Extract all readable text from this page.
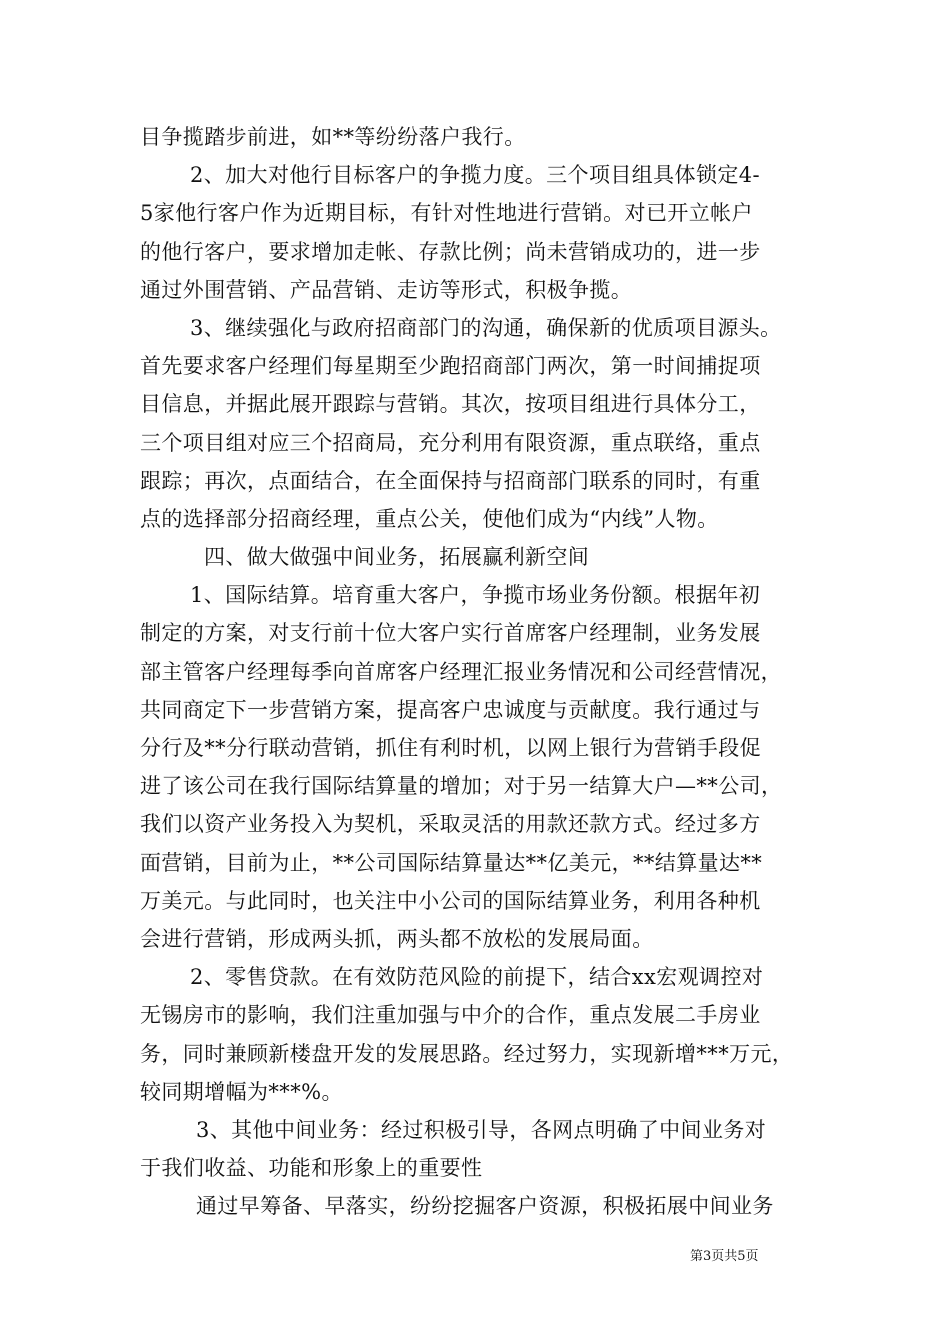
目争揽踏步前进，如**等纷纷落户我行。
2、加大对他行目标客户的争揽力度。三个项目组具体锁定4-
5家他行客户作为近期目标，有针对性地进行营销。对已开立帐户
的他行客户，要求增加走帐、存款比例；尚未营销成功的，进一步
通过外围营销、产品营销、走访等形式，积极争揽。
3、继续强化与政府招商部门的沟通，确保新的优质项目源头。
首先要求客户经理们每星期至少跑招商部门两次，第一时间捕捉项
目信息，并据此展开跟踪与营销。其次，按项目组进行具体分工，
三个项目组对应三个招商局，充分利用有限资源，重点联络，重点
跟踪；再次，点面结合，在全面保持与招商部门联系的同时，有重
点的选择部分招商经理，重点公关，使他们成为“内线”人物。
四、做大做强中间业务，拓展赢利新空间
1、国际结算。培育重大客户，争揽市场业务份额。根据年初
制定的方案，对支行前十位大客户实行首席客户经理制，业务发展
部主管客户经理每季向首席客户经理汇报业务情况和公司经营情况，
共同商定下一步营销方案，提高客户忠诚度与贡献度。我行通过与
分行及**分行联动营销，抓住有利时机，以网上银行为营销手段促
进了该公司在我行国际结算量的增加；对于另一结算大户—**公司，
我们以资产业务投入为契机，采取灵活的用款还款方式。经过多方
面营销，目前为止，**公司国际结算量达**亿美元，**结算量达**
万美元。与此同时，也关注中小公司的国际结算业务，利用各种机
会进行营销，形成两头抓，两头都不放松的发展局面。
2、零售贷款。在有效防范风险的前提下，结合xx宏观调控对
无锡房市的影响，我们注重加强与中介的合作，重点发展二手房业
务，同时兼顾新楼盘开发的发展思路。经过努力，实现新增***万元，
较同期增幅为***%。
3、其他中间业务：经过积极引导，各网点明确了中间业务对
于我们收益、功能和形象上的重要性
通过早筹备、早落实，纷纷挖掘客户资源，积极拓展中间业务
第3页共5页
